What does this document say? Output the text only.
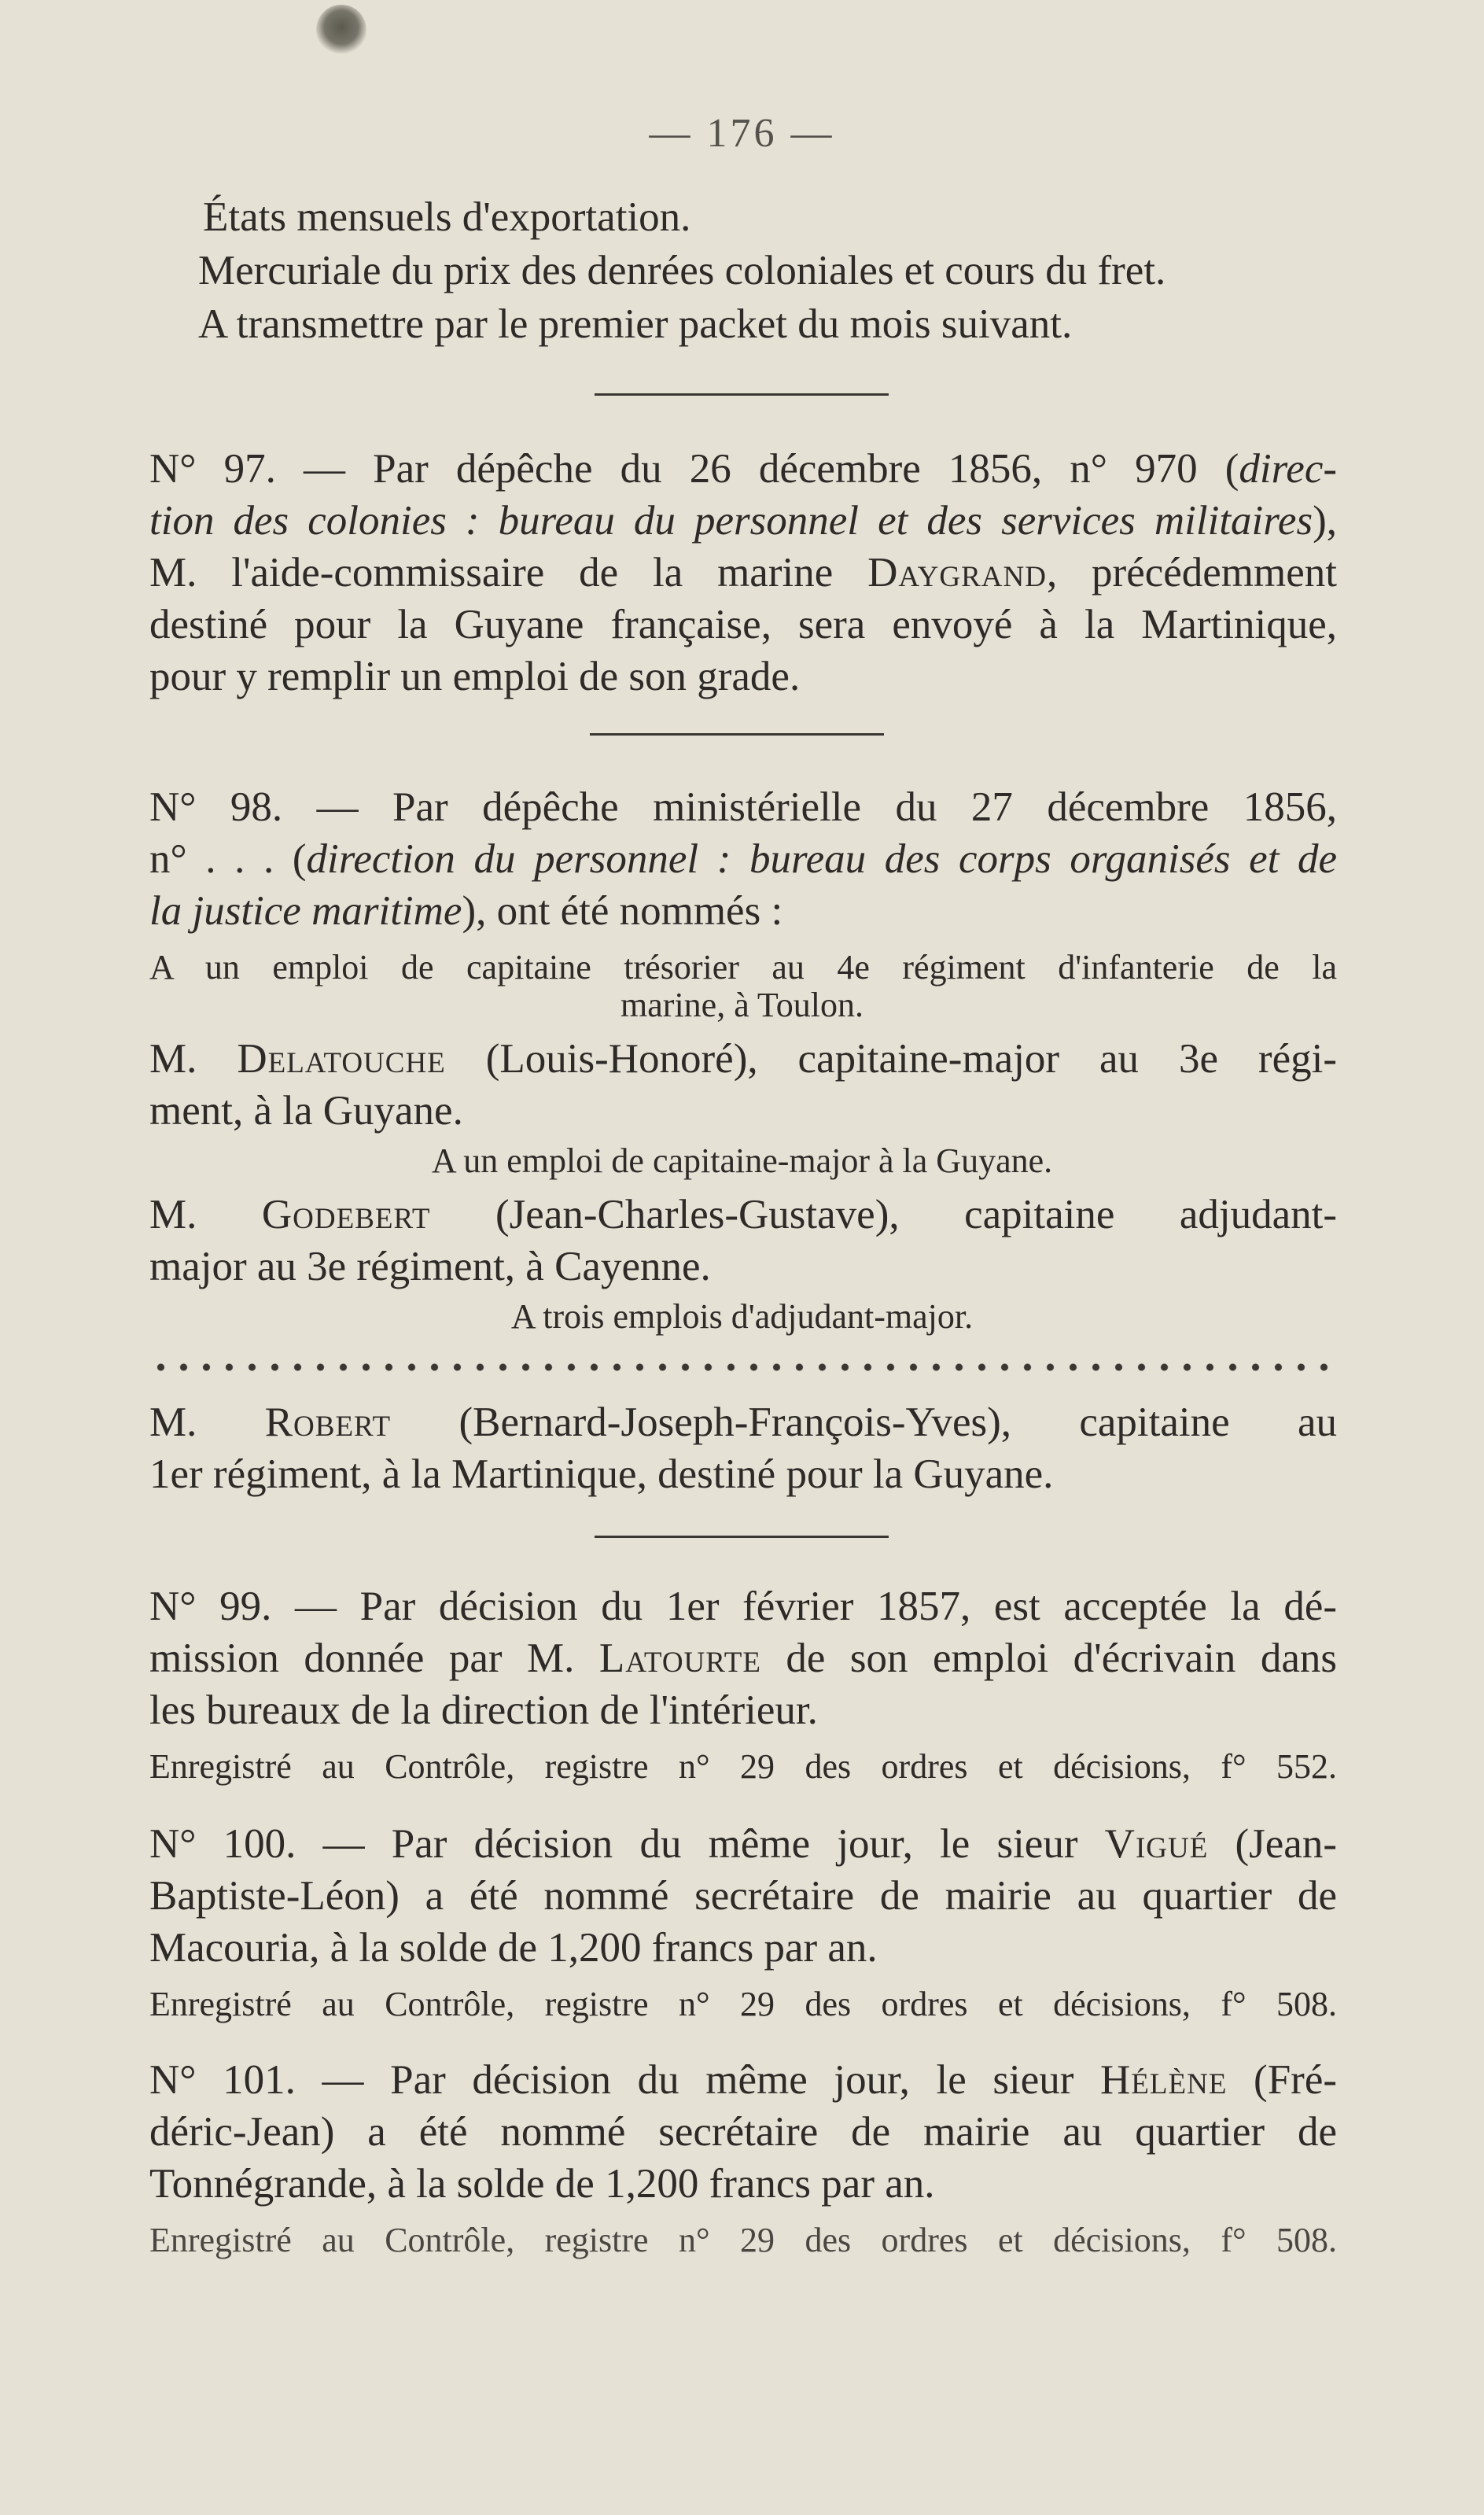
— 176 —
États mensuels d'exportation.
Mercuriale du prix des denrées coloniales et cours du fret.
A transmettre par le premier packet du mois suivant.
N° 97. — Par dépêche du 26 décembre 1856, n° 970 (direc-
tion des colonies : bureau du personnel et des services militaires),
M. l'aide-commissaire de la marine Daygrand, précédemment
destiné pour la Guyane française, sera envoyé à la Martinique,
pour y remplir un emploi de son grade.
N° 98. — Par dépêche ministérielle du 27 décembre 1856,
n° . . . (direction du personnel : bureau des corps organisés et de
la justice maritime), ont été nommés :
A un emploi de capitaine trésorier au 4e régiment d'infanterie de la
marine, à Toulon.
M. Delatouche (Louis-Honoré), capitaine-major au 3e régi-
ment, à la Guyane.
A un emploi de capitaine-major à la Guyane.
M. Godebert (Jean-Charles-Gustave), capitaine adjudant-
major au 3e régiment, à Cayenne.
A trois emplois d'adjudant-major.
M. Robert (Bernard-Joseph-François-Yves), capitaine au
1er régiment, à la Martinique, destiné pour la Guyane.
N° 99. — Par décision du 1er février 1857, est acceptée la dé-
mission donnée par M. Latourte de son emploi d'écrivain dans
les bureaux de la direction de l'intérieur.
Enregistré au Contrôle, registre n° 29 des ordres et décisions, f° 552.
N° 100. — Par décision du même jour, le sieur Vigué (Jean-
Baptiste-Léon) a été nommé secrétaire de mairie au quartier de
Macouria, à la solde de 1,200 francs par an.
Enregistré au Contrôle, registre n° 29 des ordres et décisions, f° 508.
N° 101. — Par décision du même jour, le sieur Hélène (Fré-
déric-Jean) a été nommé secrétaire de mairie au quartier de
Tonnégrande, à la solde de 1,200 francs par an.
Enregistré au Contrôle, registre n° 29 des ordres et décisions, f° 508.
